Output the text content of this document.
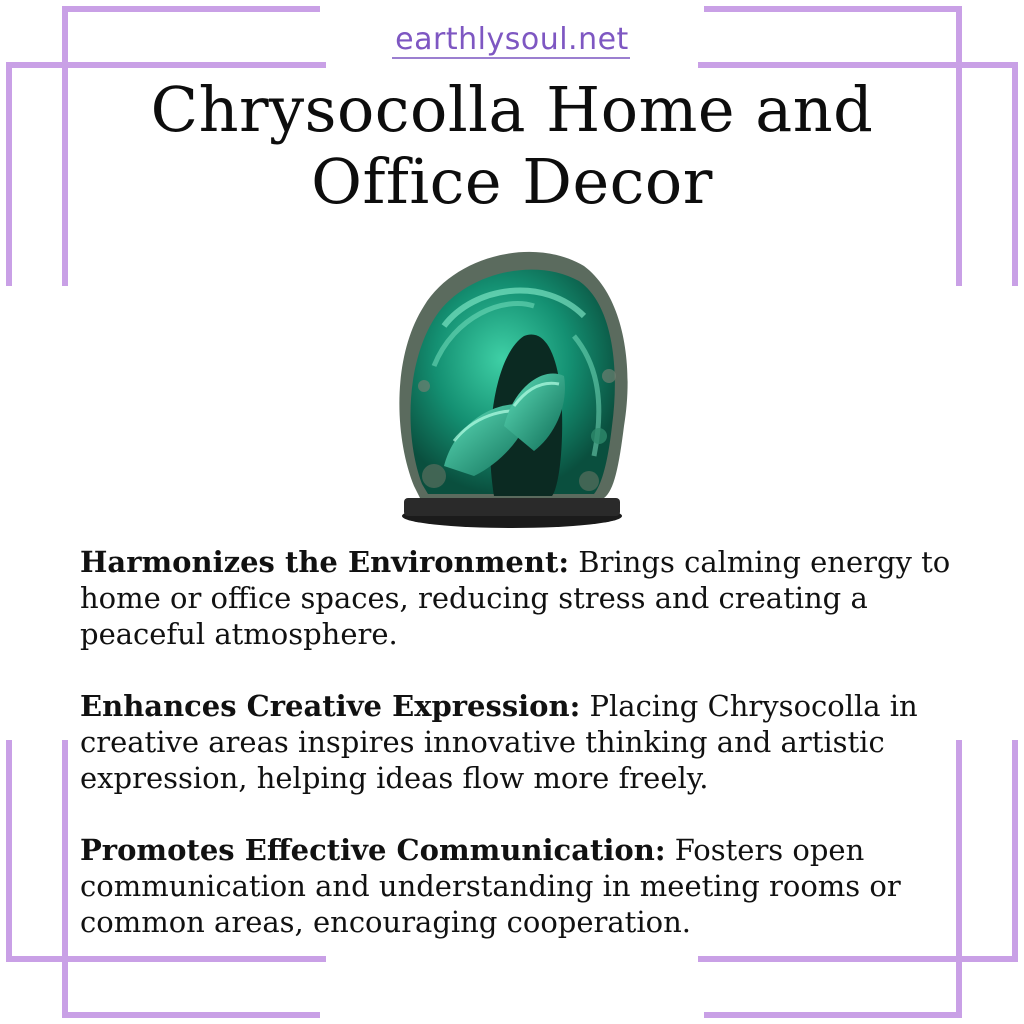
earthlysoul.net
Chrysocolla Home and
Office Decor

Harmonizes the Environment: Brings calming energy to home or office spaces, reducing stress and creating a peaceful atmosphere.

Enhances Creative Expression: Placing Chrysocolla in creative areas inspires innovative thinking and artistic expression, helping ideas flow more freely.

Promotes Effective Communication: Fosters open communication and understanding in meeting rooms or common areas, encouraging cooperation.
